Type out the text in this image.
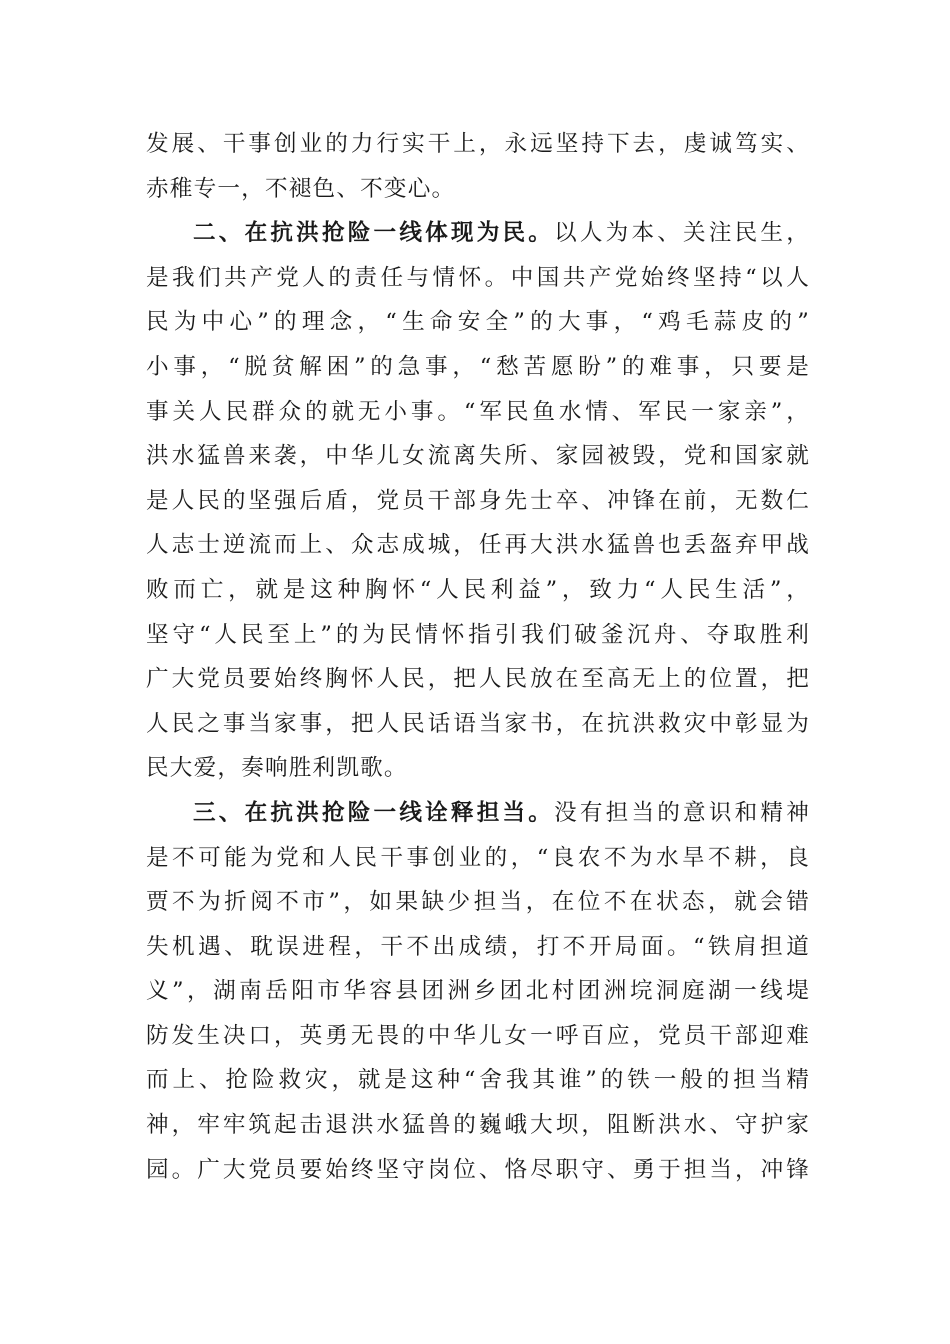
发展、干事创业的力行实干上，永远坚持下去，虔诚笃实、
赤稚专一，不褪色、不变心。
二、在抗洪抢险一线体现为民。以人为本、关注民生，
是我们共产党人的责任与情怀。中国共产党始终坚持“以人
民为中心”的理念，“生命安全”的大事，“鸡毛蒜皮的”
小事，“脱贫解困”的急事，“愁苦愿盼”的难事，只要是
事关人民群众的就无小事。“军民鱼水情、军民一家亲”，
洪水猛兽来袭，中华儿女流离失所、家园被毁，党和国家就
是人民的坚强后盾，党员干部身先士卒、冲锋在前，无数仁
人志士逆流而上、众志成城，任再大洪水猛兽也丢盔弃甲战
败而亡，就是这种胸怀“人民利益”，致力“人民生活”，
坚守“人民至上”的为民情怀指引我们破釜沉舟、夺取胜利
广大党员要始终胸怀人民，把人民放在至高无上的位置，把
人民之事当家事，把人民话语当家书，在抗洪救灾中彰显为
民大爱，奏响胜利凯歌。
三、在抗洪抢险一线诠释担当。没有担当的意识和精神
是不可能为党和人民干事创业的，“良农不为水旱不耕，良
贾不为折阅不市”，如果缺少担当，在位不在状态，就会错
失机遇、耽误进程，干不出成绩，打不开局面。“铁肩担道
义”，湖南岳阳市华容县团洲乡团北村团洲垸洞庭湖一线堤
防发生决口，英勇无畏的中华儿女一呼百应，党员干部迎难
而上、抢险救灾，就是这种“舍我其谁”的铁一般的担当精
神，牢牢筑起击退洪水猛兽的巍峨大坝，阻断洪水、守护家
园。广大党员要始终坚守岗位、恪尽职守、勇于担当，冲锋
